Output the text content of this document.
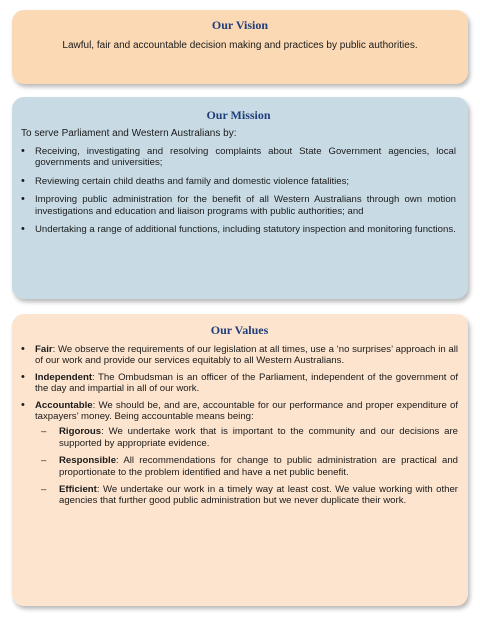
Our Vision
Lawful, fair and accountable decision making and practices by public authorities.
Our Mission
To serve Parliament and Western Australians by:
• Receiving, investigating and resolving complaints about State Government agencies, local governments and universities;
• Reviewing certain child deaths and family and domestic violence fatalities;
• Improving public administration for the benefit of all Western Australians through own motion investigations and education and liaison programs with public authorities; and
• Undertaking a range of additional functions, including statutory inspection and monitoring functions.
Our Values
• Fair: We observe the requirements of our legislation at all times, use a ‘no surprises’ approach in all of our work and provide our services equitably to all Western Australians.
• Independent: The Ombudsman is an officer of the Parliament, independent of the government of the day and impartial in all of our work.
• Accountable: We should be, and are, accountable for our performance and proper expenditure of taxpayers’ money. Being accountable means being:
– Rigorous: We undertake work that is important to the community and our decisions are supported by appropriate evidence.
– Responsible: All recommendations for change to public administration are practical and proportionate to the problem identified and have a net public benefit.
– Efficient: We undertake our work in a timely way at least cost. We value working with other agencies that further good public administration but we never duplicate their work.
